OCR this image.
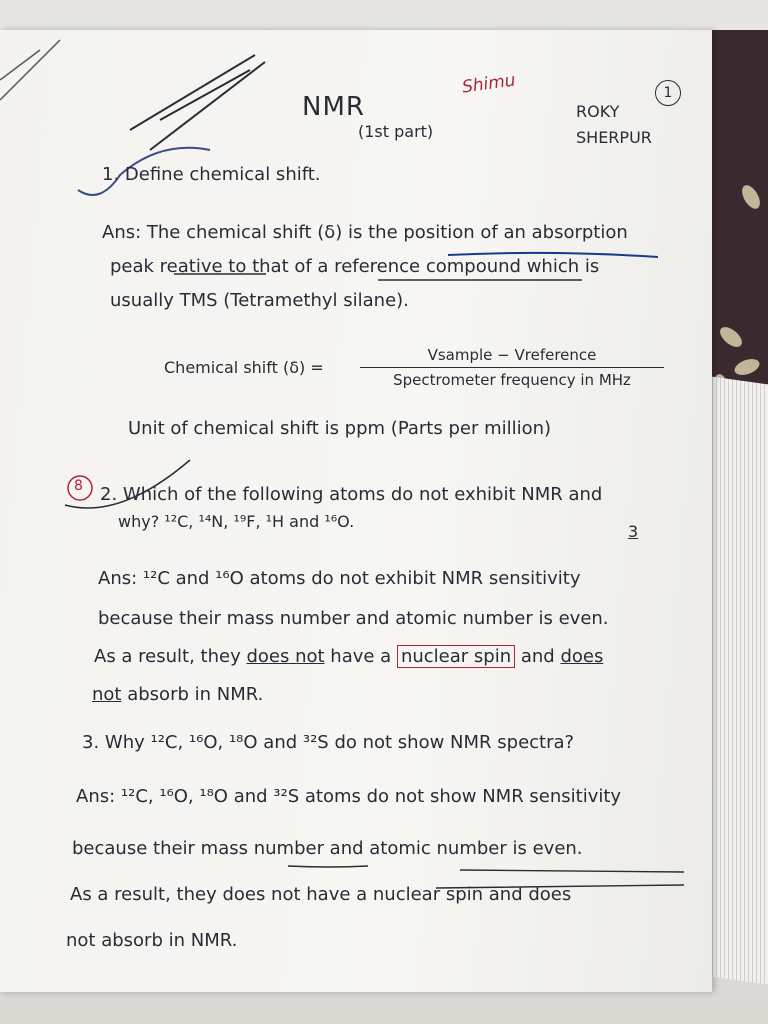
NMR
(1st part)
Shimu
ROKY
SHERPUR
1
1. Define chemical shift.
Ans: The chemical shift (δ) is the position of an absorption
peak reative to that of a reference compound which is
usually TMS (Tetramethyl silane).
Chemical shift (δ) =
Vsample − Vreference
Spectrometer frequency in MHz
Unit of chemical shift is ppm (Parts per million)
8 2. Which of the following atoms do not exhibit NMR and
why? ¹²C, ¹⁴N, ¹⁹F, ¹H and ¹⁶O.
3
Ans: ¹²C and ¹⁶O atoms do not exhibit NMR sensitivity
because their mass number and atomic number is even.
As a result, they does not have a nuclear spin and does
not absorb in NMR.
3. Why ¹²C, ¹⁶O, ¹⁸O and ³²S do not show NMR spectra?
Ans: ¹²C, ¹⁶O, ¹⁸O and ³²S atoms do not show NMR sensitivity
because their mass number and atomic number is even.
As a result, they does not have a nuclear spin and does
not absorb in NMR.
